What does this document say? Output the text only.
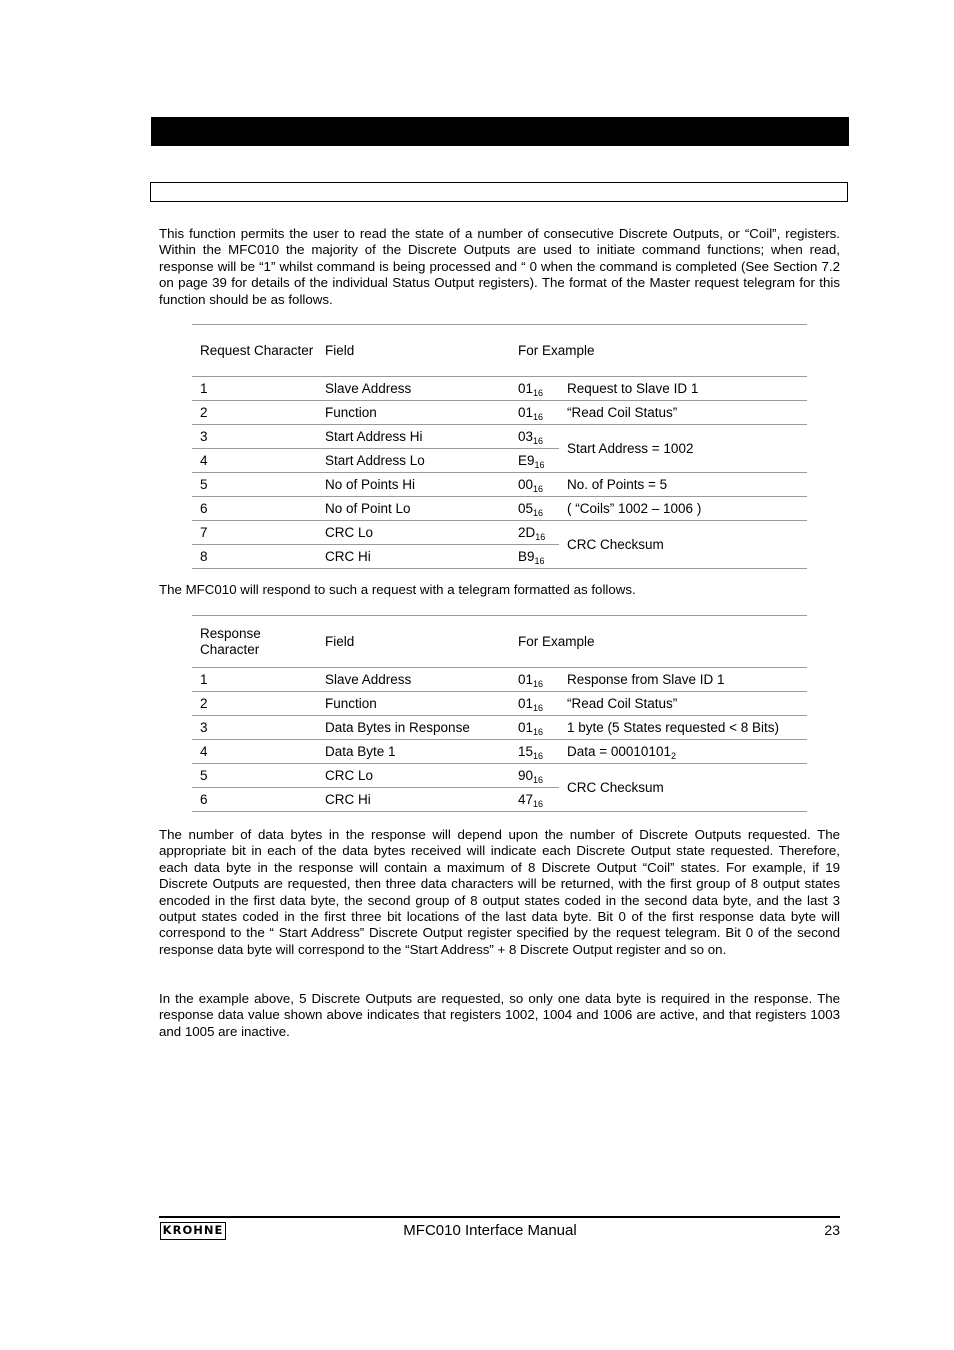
This function permits the user to read the state of a number of consecutive Discrete Outputs, or “Coil”, registers. Within the MFC010 the majority of the Discrete Outputs are used to initiate command functions; when read, response will be “1” whilst command is being processed and “ 0 when the command is completed (See Section 7.2 on page 39 for details of the individual Status Output registers). The format of the Master request telegram for this function should be as follows.

Request Character	Field	For Example	
1	Slave Address	$01_{16}$	Request to Slave ID 1
2	Function	$01_{16}$	“Read Coil Status”
3	Start Address Hi	$03_{16}$	Start Address = 1002
4	Start Address Lo	$E9_{16}$
5	No of Points Hi	$00_{16}$	No. of Points = 5
6	No of Point Lo	$05_{16}$	( “Coils” 1002 – 1006 )
7	CRC Lo	$2D_{16}$	CRC Checksum
8	CRC Hi	$B9_{16}$

The MFC010 will respond to such a request with a telegram formatted as follows.

Response Character	Field	For Example	
1	Slave Address	$01_{16}$	Response from Slave ID 1
2	Function	$01_{16}$	“Read Coil Status”
3	Data Bytes in Response	$01_{16}$	1 byte (5 States requested < 8 Bits)
4	Data Byte 1	$15_{16}$	Data = $00010101_2$
5	CRC Lo	$90_{16}$	CRC Checksum
6	CRC Hi	$47_{16}$

The number of data bytes in the response will depend upon the number of Discrete Outputs requested. The appropriate bit in each of the data bytes received will indicate each Discrete Output state requested. Therefore, each data byte in the response will contain a maximum of 8 Discrete Output “Coil” states. For example, if 19 Discrete Outputs are requested, then three data characters will be returned, with the first group of 8 output states encoded in the first data byte, the second group of 8 output states coded in the second data byte, and the last 3 output states coded in the first three bit locations of the last data byte. Bit 0 of the first response data byte will correspond to the “ Start Address” Discrete Output register specified by the request telegram. Bit 0 of the second response data byte will correspond to the “Start Address” + 8 Discrete Output register and so on.

In the example above, 5 Discrete Outputs are requested, so only one data byte is required in the response. The response data value shown above indicates that registers 1002, 1004 and 1006 are active, and that registers 1003 and 1005 are inactive.

KROHNE	MFC010 Interface Manual	23
